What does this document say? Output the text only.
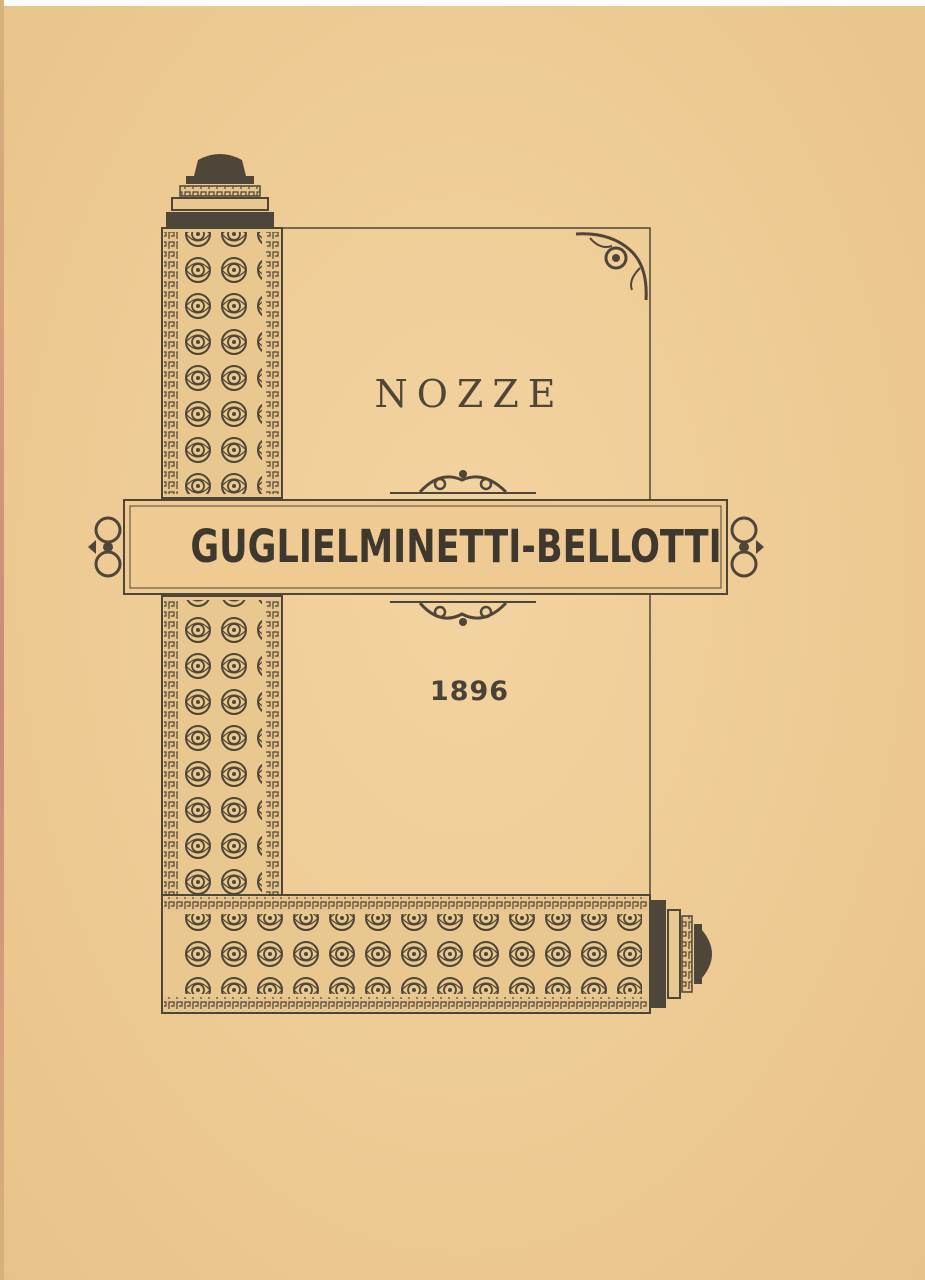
NOZZE
GUGLIELMINETTI-BELLOTTI
1896
